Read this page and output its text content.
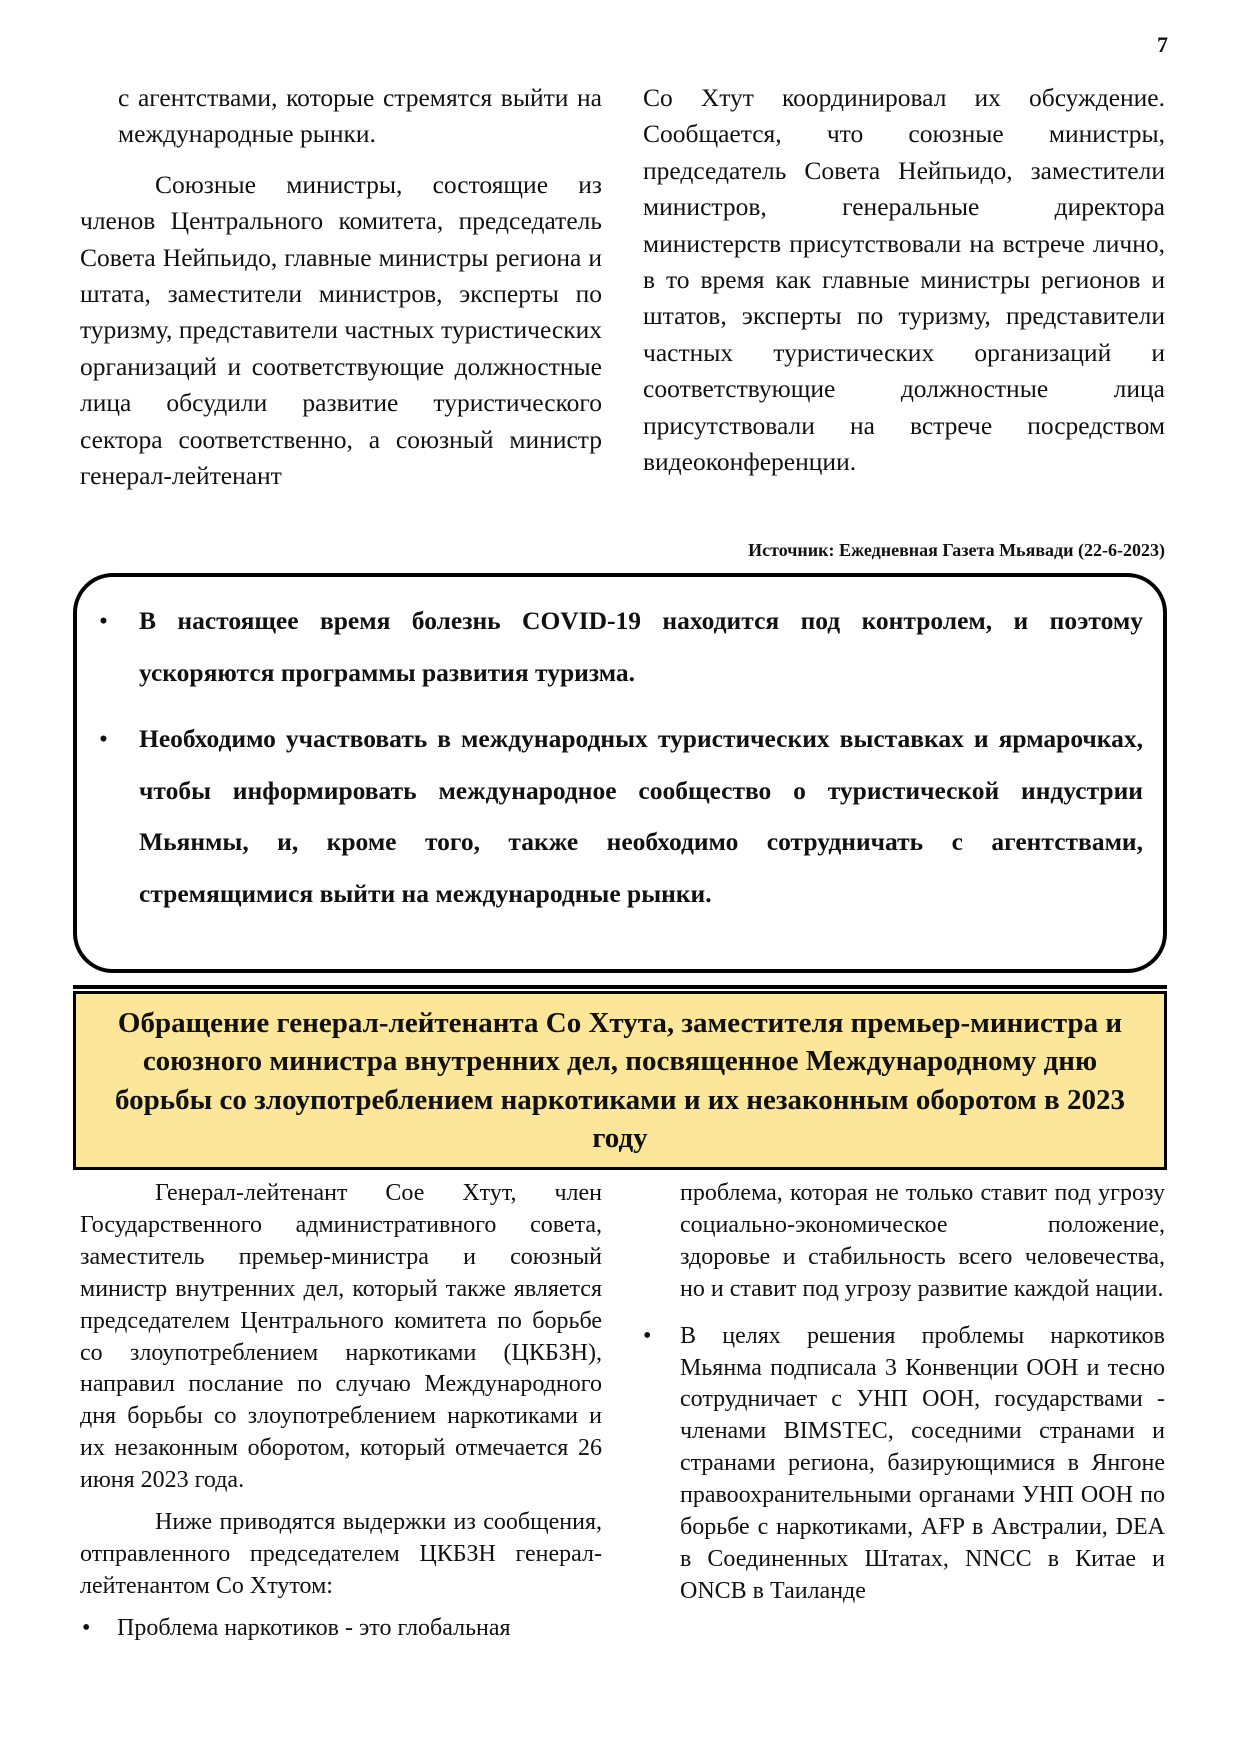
7

с агентствами, которые стремятся выйти на международные рынки.

Союзные министры, состоящие из членов Центрального комитета, председатель Совета Нейпьидо, главные министры региона и штата, заместители министров, эксперты по туризму, представители частных туристических организаций и соответствующие должностные лица обсудили развитие туристического сектора соответственно, а союзный министр генерал-лейтенант

Со Хтут координировал их обсуждение. Сообщается, что союзные министры, председатель Совета Нейпьидо, заместители министров, генеральные директора министерств присутствовали на встрече лично, в то время как главные министры регионов и штатов, эксперты по туризму, представители частных туристических организаций и соответствующие должностные лица присутствовали на встрече посредством видеоконференции.

Источник: Ежедневная Газета Мьявади (22-6-2023)
• В настоящее время болезнь COVID-19 находится под контролем, и поэтому ускоряются программы развития туризма.
• Необходимо участвовать в международных туристических выставках и ярмарочках, чтобы информировать международное сообщество о туристической индустрии Мьянмы, и, кроме того, также необходимо сотрудничать с агентствами, стремящимися выйти на международные рынки.
Обращение генерал-лейтенанта Со Хтута, заместителя премьер-министра и союзного министра внутренних дел, посвященное Международному дню борьбы со злоупотреблением наркотиками и их незаконным оборотом в 2023 году

Генерал-лейтенант Сое Хтут, член Государственного административного совета, заместитель премьер-министра и союзный министр внутренних дел, который также является председателем Центрального комитета по борьбе со злоупотреблением наркотиками (ЦКБЗН), направил послание по случаю Международного дня борьбы со злоупотреблением наркотиками и их незаконным оборотом, который отмечается 26 июня 2023 года.

Ниже приводятся выдержки из сообщения, отправленного председателем ЦКБЗН генерал-лейтенантом Со Хтутом:

• Проблема наркотиков - это глобальная

проблема, которая не только ставит под угрозу социально-экономическое положение, здоровье и стабильность всего человечества, но и ставит под угрозу развитие каждой нации.

• В целях решения проблемы наркотиков Мьянма подписала 3 Конвенции ООН и тесно сотрудничает с УНП ООН, государствами - членами BIMSTEC, соседними странами и странами региона, базирующимися в Янгоне правоохранительными органами УНП ООН по борьбе с наркотиками, AFP в Австралии, DEA в Соединенных Штатах, NNCC в Китае и ONCB в Таиланде
